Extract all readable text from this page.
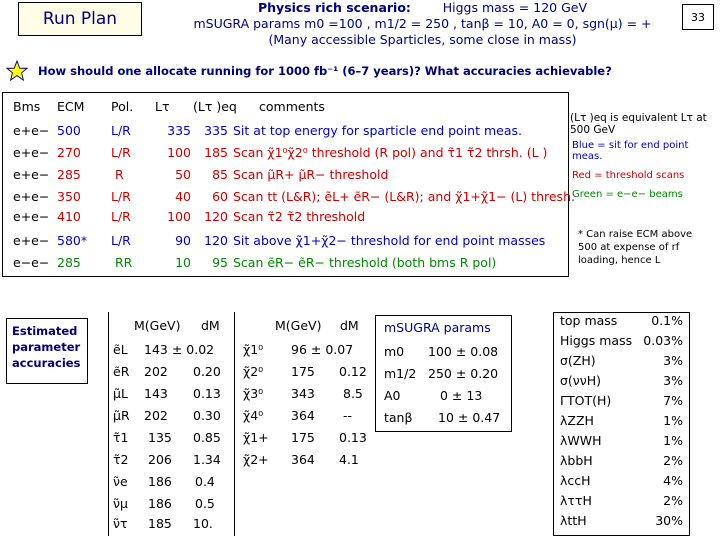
Run Plan
Physics rich scenario:	Higgs mass = 120 GeV
mSUGRA params m0 =100 , m1/2 = 250 , tanβ = 10, A0 = 0, sgn(μ) = +
(Many accessible Sparticles, some close in mass)
33
How should one allocate running for 1000 fb⁻¹ (6–7 years)? What accuracies achievable?
Bms ECM Pol. Lτ	(Lτ )eq	comments
e+e− 500 L/R	335	335 Sit at top energy for sparticle end point meas.
e+e− 270 L/R	100	185 Scan χ̃1⁰χ̃2⁰ threshold (R pol) and τ̃1 τ̃2 thrsh. (L )
e+e− 285	R	50	85 Scan μ̃R+ μ̃R− threshold
e+e− 350 L/R	40	60 Scan tt (L&R); ẽL+ ẽR− (L&R); and χ̃1+χ̃1− (L) thresh.
e+e− 410 L/R	100	120 Scan τ̃2 τ̃2 threshold
e+e− 580* L/R	90	120 Sit above χ̃1+χ̃2− threshold for end point masses
e−e− 285	RR	10	95 Scan ẽR− ẽR− threshold (both bms R pol)
(Lτ )eq is equivalent Lτ at 500 GeV
Blue = sit for end point meas.
Red = threshold scans
Green = e−e− beams
* Can raise ECM above 500 at expense of rf loading, hence L
Estimated parameter accuracies
M(GeV) dM
ẽL 143 ± 0.02
ẽR 202 0.20
μ̃L 143 0.13
μ̃R 202 0.30
τ̃1 135 0.85
τ̃2 206 1.34
ν̃e 186 0.4
ν̃μ 186 0.5
ν̃τ 185 10.
M(GeV) dM
χ̃1⁰ 96 ± 0.07
χ̃2⁰ 175 0.12
χ̃3⁰ 343 8.5
χ̃4⁰ 364 --
χ̃1+ 175 0.13
χ̃2+ 364 4.1
mSUGRA params
m0 100 ± 0.08
m1/2 250 ± 0.20
A0	0 ± 13
tanβ 10 ± 0.47
top mass	0.1%
Higgs mass 0.03%
σ(ZH)	3%
σ(ννH)	3%
ΓTOT(H)	7%
λZZH	1%
λWWH	1%
λbbH	2%
λccH	4%
λττH	2%
λttH	30%
